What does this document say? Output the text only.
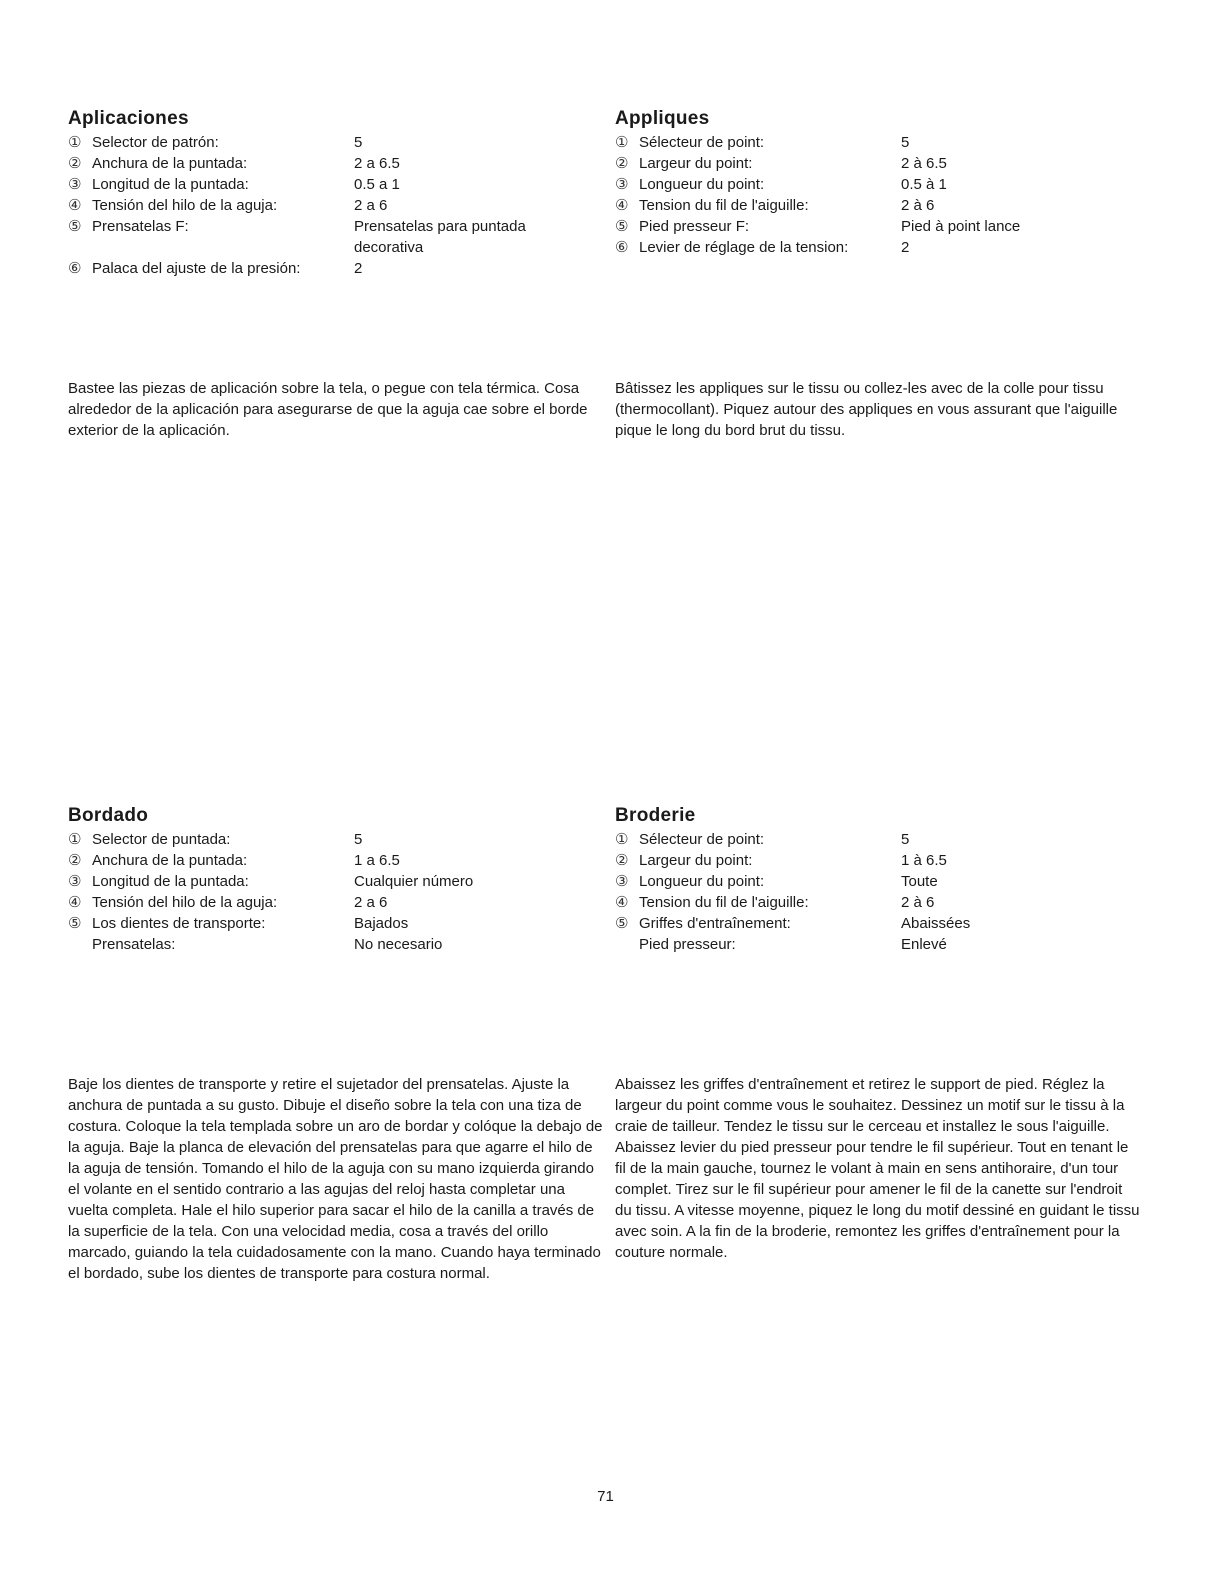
Aplicaciones
① Selector de patrón:	5
② Anchura de la puntada:	2 a 6.5
③ Longitud de la puntada:	0.5 a 1
④ Tensión del hilo de la aguja:	2 a 6
⑤ Prensatelas F:	Prensatelas para puntada decorativa
⑥ Palaca del ajuste de la presión:	2
Appliques
① Sélecteur de point:	5
② Largeur du point:	2 à 6.5
③ Longueur du point:	0.5 à 1
④ Tension du fil de l'aiguille:	2 à 6
⑤ Pied presseur F:	Pied à point lance
⑥ Levier de réglage de la tension:	2

Bastee las piezas de aplicación sobre la tela, o pegue con tela térmica. Cosa alrededor de la aplicación para asegurarse de que la aguja cae sobre el borde exterior de la aplicación.

Bâtissez les appliques sur le tissu ou collez-les avec de la colle pour tissu (thermocollant). Piquez autour des appliques en vous assurant que l'aiguille pique le long du bord brut du tissu.

Bordado
① Selector de puntada:	5
② Anchura de la puntada:	1 a 6.5
③ Longitud de la puntada:	Cualquier número
④ Tensión del hilo de la aguja:	2 a 6
⑤ Los dientes de transporte:	Bajados
Prensatelas:	No necesario
Broderie
① Sélecteur de point:	5
② Largeur du point:	1 à 6.5
③ Longueur du point:	Toute
④ Tension du fil de l'aiguille:	2 à 6
⑤ Griffes d'entraînement:	Abaissées
Pied presseur:	Enlevé

Baje los dientes de transporte y retire el sujetador del prensatelas. Ajuste la anchura de puntada a su gusto. Dibuje el diseño sobre la tela con una tiza de costura. Coloque la tela templada sobre un aro de bordar y colóque la debajo de la aguja. Baje la planca de elevación del prensatelas para que agarre el hilo de la aguja de tensión. Tomando el hilo de la aguja con su mano izquierda girando el volante en el sentido contrario a las agujas del reloj hasta completar una vuelta completa. Hale el hilo superior para sacar el hilo de la canilla a través de la superficie de la tela. Con una velocidad media, cosa a través del orillo marcado, guiando la tela cuidadosamente con la mano. Cuando haya terminado el bordado, sube los dientes de transporte para costura normal.

Abaissez les griffes d'entraînement et retirez le support de pied. Réglez la largeur du point comme vous le souhaitez. Dessinez un motif sur le tissu à la craie de tailleur. Tendez le tissu sur le cerceau et installez le sous l'aiguille. Abaissez levier du pied presseur pour tendre le fil supérieur. Tout en tenant le fil de la main gauche, tournez le volant à main en sens antihoraire, d'un tour complet. Tirez sur le fil supérieur pour amener le fil de la canette sur l'endroit du tissu. A vitesse moyenne, piquez le long du motif dessiné en guidant le tissu avec soin. A la fin de la broderie, remontez les griffes d'entraînement pour la couture normale.

71
